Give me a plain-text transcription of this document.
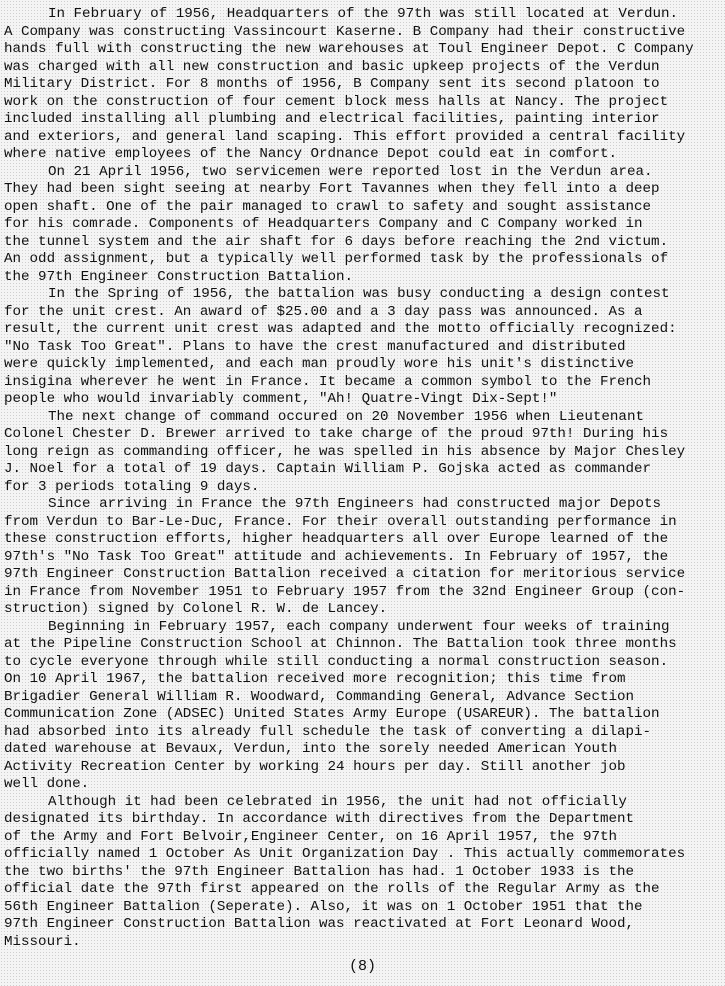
In February of 1956, Headquarters of the 97th was still located at Verdun.
A Company was constructing Vassincourt Kaserne. B Company had their constructive
hands full with constructing the new warehouses at Toul Engineer Depot. C Company
was charged with all new construction and basic upkeep projects of the Verdun
Military District. For 8 months of 1956, B Company sent its second platoon to
work on the construction of four cement block mess halls at Nancy. The project
included installing all plumbing and electrical facilities, painting interior
and exteriors, and general land scaping. This effort provided a central facility
where native employees of the Nancy Ordnance Depot could eat in comfort.

On 21 April 1956, two servicemen were reported lost in the Verdun area.
They had been sight seeing at nearby Fort Tavannes when they fell into a deep
open shaft. One of the pair managed to crawl to safety and sought assistance
for his comrade. Components of Headquarters Company and C Company worked in
the tunnel system and the air shaft for 6 days before reaching the 2nd victum.
An odd assignment, but a typically well performed task by the professionals of
the 97th Engineer Construction Battalion.

In the Spring of 1956, the battalion was busy conducting a design contest
for the unit crest. An award of $25.00 and a 3 day pass was announced. As a
result, the current unit crest was adapted and the motto officially recognized:
"No Task Too Great". Plans to have the crest manufactured and distributed
were quickly implemented, and each man proudly wore his unit's distinctive
insigina wherever he went in France. It became a common symbol to the French
people who would invariably comment, "Ah! Quatre-Vingt Dix-Sept!"

The next change of command occured on 20 November 1956 when Lieutenant
Colonel Chester D. Brewer arrived to take charge of the proud 97th! During his
long reign as commanding officer, he was spelled in his absence by Major Chesley
J. Noel for a total of 19 days. Captain William P. Gojska acted as commander
for 3 periods totaling 9 days.

Since arriving in France the 97th Engineers had constructed major Depots
from Verdun to Bar-Le-Duc, France. For their overall outstanding performance in
these construction efforts, higher headquarters all over Europe learned of the
97th's "No Task Too Great" attitude and achievements. In February of 1957, the
97th Engineer Construction Battalion received a citation for meritorious service
in France from November 1951 to February 1957 from the 32nd Engineer Group (con-
struction) signed by Colonel R. W. de Lancey.

Beginning in February 1957, each company underwent four weeks of training
at the Pipeline Construction School at Chinnon. The Battalion took three months
to cycle everyone through while still conducting a normal construction season.
On 10 April 1967, the battalion received more recognition; this time from
Brigadier General William R. Woodward, Commanding General, Advance Section
Communication Zone (ADSEC) United States Army Europe (USAREUR). The battalion
had absorbed into its already full schedule the task of converting a dilapi-
dated warehouse at Bevaux, Verdun, into the sorely needed American Youth
Activity Recreation Center by working 24 hours per day. Still another job
well done.

Although it had been celebrated in 1956, the unit had not officially
designated its birthday. In accordance with directives from the Department
of the Army and Fort Belvoir,Engineer Center, on 16 April 1957, the 97th
officially named 1 October As Unit Organization Day . This actually commemorates
the two births' the 97th Engineer Battalion has had. 1 October 1933 is the
official date the 97th first appeared on the rolls of the Regular Army as the
56th Engineer Battalion (Seperate). Also, it was on 1 October 1951 that the
97th Engineer Construction Battalion was reactivated at Fort Leonard Wood,
Missouri.

(8)
